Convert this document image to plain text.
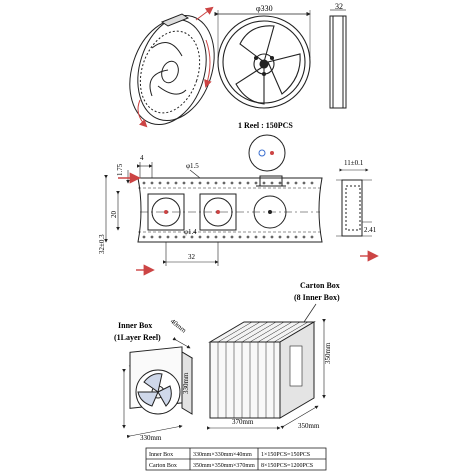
φ330	32
1 Reel : 150PCS
4
φ1.5
1.75
20
32±0.3
φ1.4
32
11±0.1
2.41
Carton Box
(8 Inner Box)
350mm
370mm	350mm
Inner Box
(1Layer Reel)
40mm
330mm
330mm
Inner Box	330mm×330mm×40mm 1×150PCS=150PCS
Carton Box	350mm×350mm×370mm 8×150PCS=1200PCS
